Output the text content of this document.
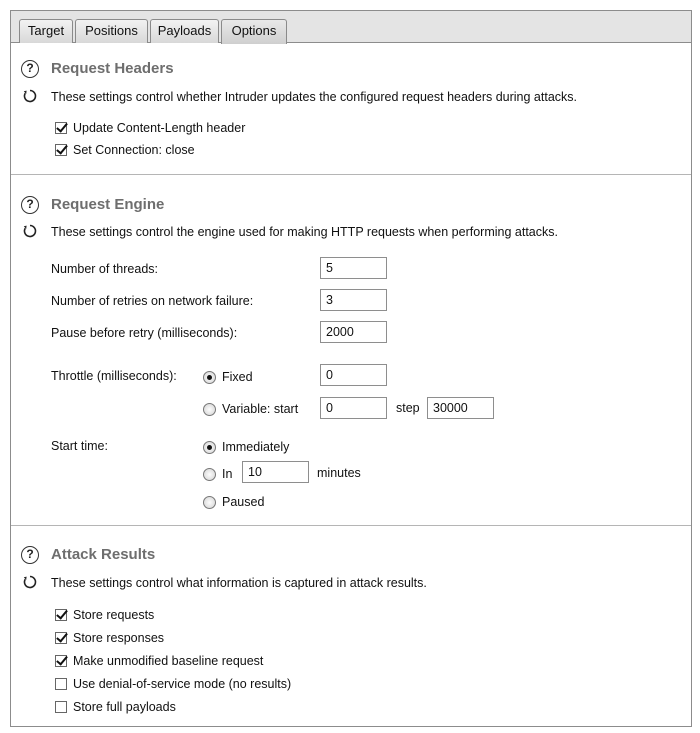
Target	Positions	Payloads	Options
?	Request Headers
These settings control whether Intruder updates the configured request headers during attacks.
Update Content-Length header
Set Connection: close
?	Request Engine
These settings control the engine used for making HTTP requests when performing attacks.
Number of threads:	5
Number of retries on network failure:	3
Pause before retry (milliseconds):	2000
Throttle (milliseconds):	Fixed	0
Variable: start	0	step	30000
Start time:	Immediately
In	10	minutes
Paused
?	Attack Results
These settings control what information is captured in attack results.
Store requests
Store responses
Make unmodified baseline request
Use denial-of-service mode (no results)
Store full payloads
